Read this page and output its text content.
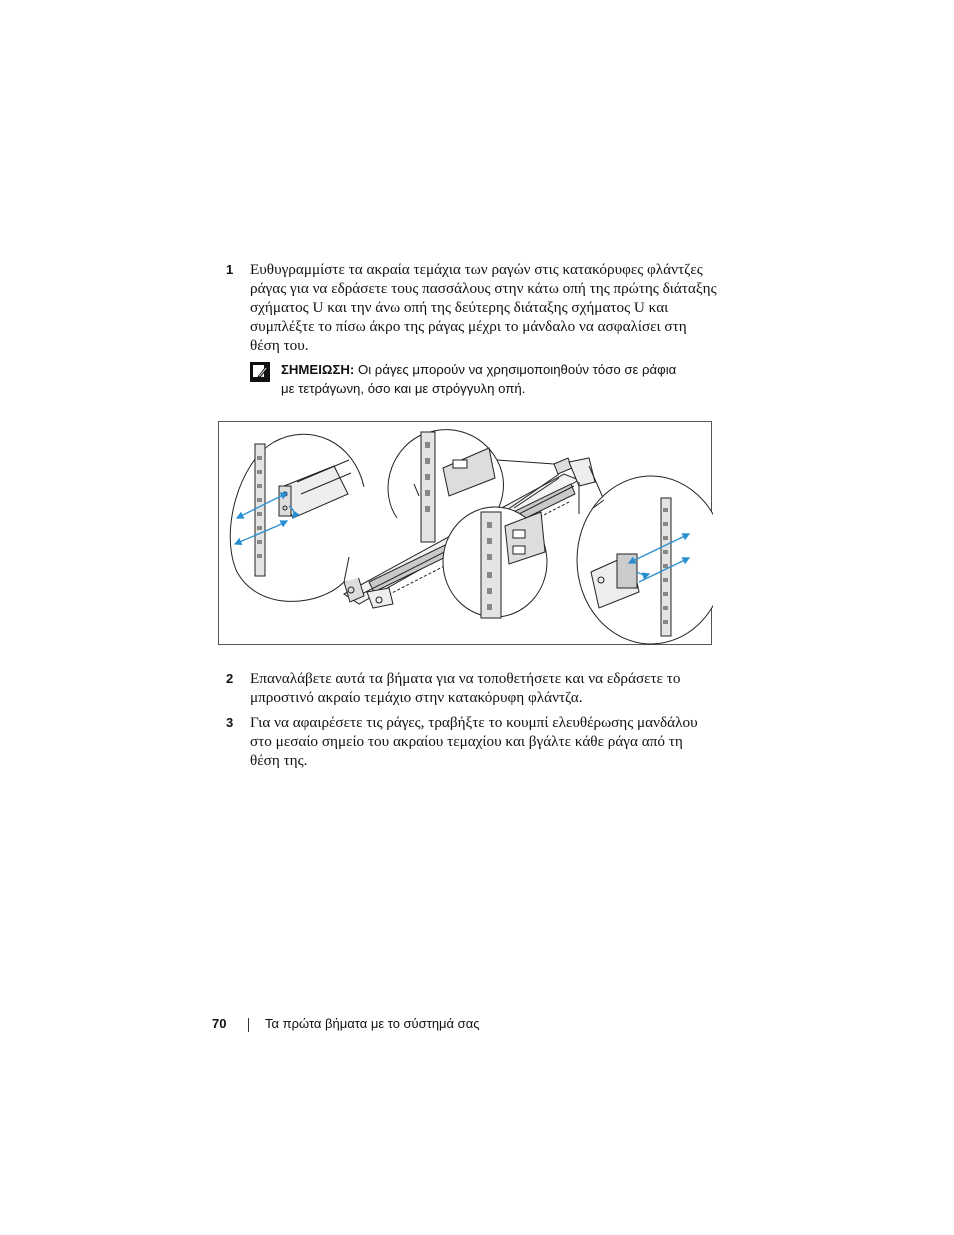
1	Ευθυγραμμίστε τα ακραία τεμάχια των ραγών στις κατακόρυφες φλάντζες
ράγας για να εδράσετε τους πασσάλους στην κάτω οπή της πρώτης διάταξης
σχήματος U και την άνω οπή της δεύτερης διάταξης σχήματος U και
συμπλέξτε το πίσω άκρο της ράγας μέχρι το μάνδαλο να ασφαλίσει στη
θέση του.
ΣΗΜΕΙΩΣΗ: Οι ράγες μπορούν να χρησιμοποιηθούν τόσο σε ράφια
με τετράγωνη, όσο και με στρόγγυλη οπή.
2	Επαναλάβετε αυτά τα βήματα για να τοποθετήσετε και να εδράσετε το
μπροστινό ακραίο τεμάχιο στην κατακόρυφη φλάντζα.
3	Για να αφαιρέσετε τις ράγες, τραβήξτε το κουμπί ελευθέρωσης μανδάλου
στο μεσαίο σημείο του ακραίου τεμαχίου και βγάλτε κάθε ράγα από τη
θέση της.
70	Τα πρώτα βήματα με το σύστημά σας
